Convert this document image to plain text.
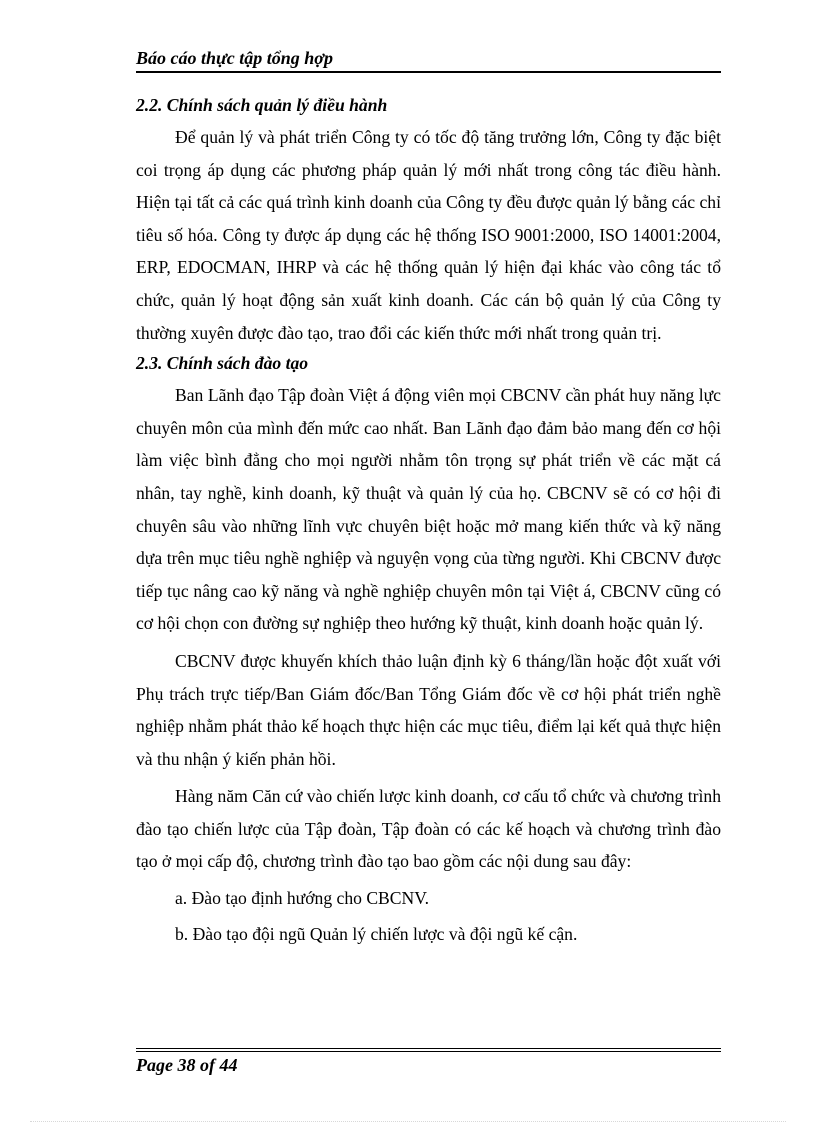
Báo cáo thực tập tổng hợp
2.2. Chính sách quản lý điều hành

Để quản lý và phát triển Công ty có tốc độ tăng trưởng lớn, Công ty đặc biệt coi trọng áp dụng các phương pháp quản lý mới nhất trong công tác điều hành. Hiện tại tất cả các quá trình kinh doanh của Công ty đều được quản lý bằng các chỉ tiêu số hóa. Công ty được áp dụng các hệ thống ISO 9001:2000, ISO 14001:2004, ERP, EDOCMAN, IHRP và các hệ thống quản lý hiện đại khác vào công tác tổ chức, quản lý hoạt động sản xuất kinh doanh. Các cán bộ quản lý của Công ty thường xuyên được đào tạo, trao đổi các kiến thức mới nhất trong quản trị.

2.3. Chính sách đào tạo

Ban Lãnh đạo Tập đoàn Việt á động viên mọi CBCNV cần phát huy năng lực chuyên môn của mình đến mức cao nhất. Ban Lãnh đạo đảm bảo mang đến cơ hội làm việc bình đẳng cho mọi người nhằm tôn trọng sự phát triển về các mặt cá nhân, tay nghề, kinh doanh, kỹ thuật và quản lý của họ. CBCNV sẽ có cơ hội đi chuyên sâu vào những lĩnh vực chuyên biệt hoặc mở mang kiến thức và kỹ năng dựa trên mục tiêu nghề nghiệp và nguyện vọng của từng người. Khi CBCNV được tiếp tục nâng cao kỹ năng và nghề nghiệp chuyên môn tại Việt á, CBCNV cũng có cơ hội chọn con đường sự nghiệp theo hướng kỹ thuật, kinh doanh hoặc quản lý.

CBCNV được khuyến khích thảo luận định kỳ 6 tháng/lần hoặc đột xuất với Phụ trách trực tiếp/Ban Giám đốc/Ban Tổng Giám đốc về cơ hội phát triển nghề nghiệp nhằm phát thảo kế hoạch thực hiện các mục tiêu, điểm lại kết quả thực hiện và thu nhận ý kiến phản hồi.

Hàng năm Căn cứ vào chiến lược kinh doanh, cơ cấu tổ chức và chương trình đào tạo chiến lược của Tập đoàn, Tập đoàn có các kế hoạch và chương trình đào tạo ở mọi cấp độ, chương trình đào tạo bao gồm các nội dung sau đây:

a. Đào tạo định hướng cho CBCNV.
b. Đào tạo đội ngũ Quản lý chiến lược và đội ngũ kế cận.
Page 38 of 44
